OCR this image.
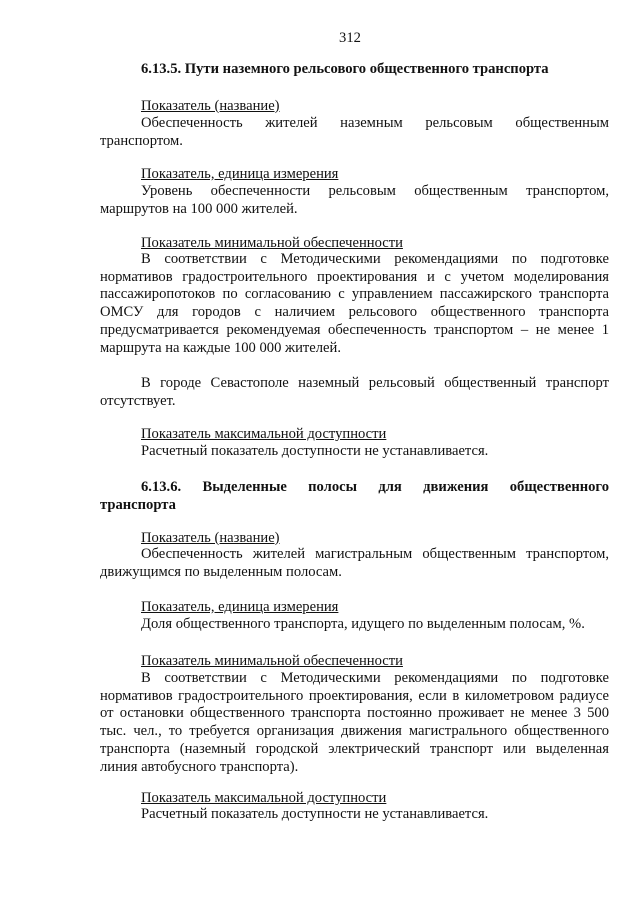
312
6.13.5. Пути наземного рельсового общественного транспорта
Показатель (название)
Обеспеченность жителей наземным рельсовым общественным транспортом.
Показатель, единица измерения
Уровень обеспеченности рельсовым общественным транспортом, маршрутов на 100 000 жителей.
Показатель минимальной обеспеченности
В соответствии с Методическими рекомендациями по подготовке нормативов градостроительного проектирования и с учетом моделирования пассажиропотоков по согласованию с управлением пассажирского транспорта ОМСУ для городов с наличием рельсового общественного транспорта предусматривается рекомендуемая обеспеченность транспортом – не менее 1 маршрута на каждые 100 000 жителей.
В городе Севастополе наземный рельсовый общественный транспорт отсутствует.
Показатель максимальной доступности
Расчетный показатель доступности не устанавливается.
6.13.6. Выделенные полосы для движения общественного
транспорта
Показатель (название)
Обеспеченность жителей магистральным общественным транспортом, движущимся по выделенным полосам.
Показатель, единица измерения
Доля общественного транспорта, идущего по выделенным полосам, %.
Показатель минимальной обеспеченности
В соответствии с Методическими рекомендациями по подготовке нормативов градостроительного проектирования, если в километровом радиусе от остановки общественного транспорта постоянно проживает не менее 3 500 тыс. чел., то требуется организация движения магистрального общественного транспорта (наземный городской электрический транспорт или выделенная линия автобусного транспорта).
Показатель максимальной доступности
Расчетный показатель доступности не устанавливается.
